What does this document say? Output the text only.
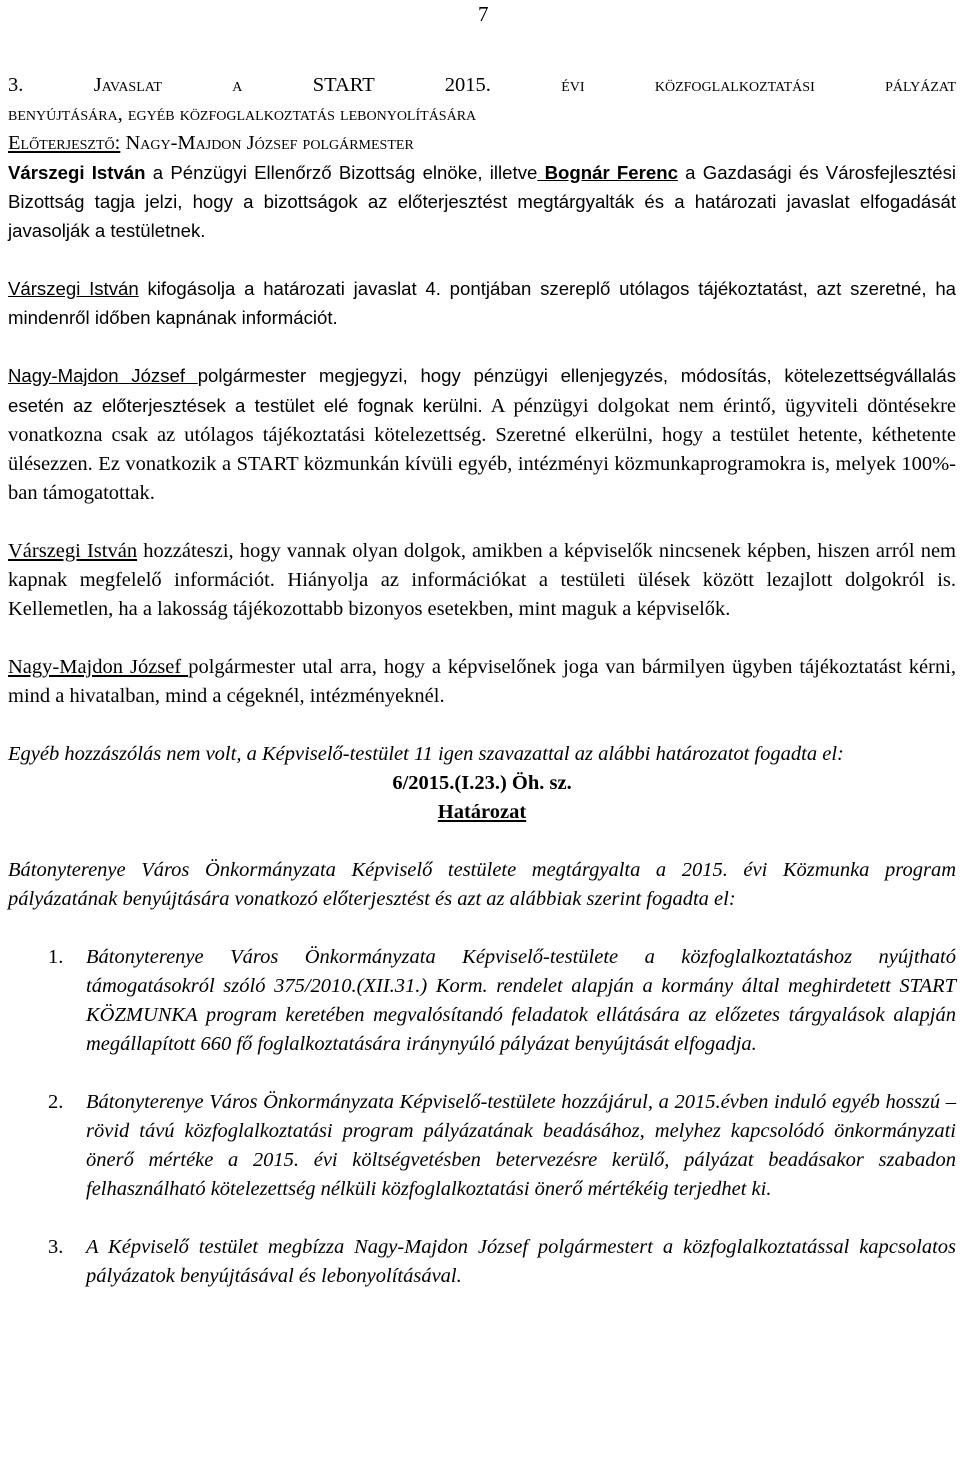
7

3. Javaslat a START 2015. évi közfoglalkoztatási pályázat

benyújtására, egyéb közfoglalkoztatás lebonyolítására

Előterjesztő: Nagy-Majdon József polgármester

Várszegi István a Pénzügyi Ellenőrző Bizottság elnöke, illetve Bognár Ferenc a Gazdasági és Városfejlesztési Bizottság tagja jelzi, hogy a bizottságok az előterjesztést megtárgyalták és a határozati javaslat elfogadását javasolják a testületnek.

Várszegi István kifogásolja a határozati javaslat 4. pontjában szereplő utólagos tájékoztatást, azt szeretné, ha mindenről időben kapnának információt.

Nagy-Majdon József polgármester megjegyzi, hogy pénzügyi ellenjegyzés, módosítás, kötelezettségvállalás esetén az előterjesztések a testület elé fognak kerülni. A pénzügyi dolgokat nem érintő, ügyviteli döntésekre vonatkozna csak az utólagos tájékoztatási kötelezettség. Szeretné elkerülni, hogy a testület hetente, kéthetente ülésezzen. Ez vonatkozik a START közmunkán kívüli egyéb, intézményi közmunkaprogramokra is, melyek 100%-ban támogatottak.

Várszegi István hozzáteszi, hogy vannak olyan dolgok, amikben a képviselők nincsenek képben, hiszen arról nem kapnak megfelelő információt. Hiányolja az információkat a testületi ülések között lezajlott dolgokról is. Kellemetlen, ha a lakosság tájékozottabb bizonyos esetekben, mint maguk a képviselők.

Nagy-Majdon József polgármester utal arra, hogy a képviselőnek joga van bármilyen ügyben tájékoztatást kérni, mind a hivatalban, mind a cégeknél, intézményeknél.

Egyéb hozzászólás nem volt, a Képviselő-testület 11 igen szavazattal az alábbi határozatot fogadta el:

6/2015.(I.23.) Öh. sz.

Határozat

Bátonyterenye Város Önkormányzata Képviselő testülete megtárgyalta a 2015. évi Közmunka program pályázatának benyújtására vonatkozó előterjesztést és azt az alábbiak szerint fogadta el:

1. Bátonyterenye Város Önkormányzata Képviselő-testülete a közfoglalkoztatáshoz nyújtható támogatásokról szóló 375/2010.(XII.31.) Korm. rendelet alapján a kormány által meghirdetett START KÖZMUNKA program keretében megvalósítandó feladatok ellátására az előzetes tárgyalások alapján megállapított 660 fő foglalkoztatására iránynyúló pályázat benyújtását elfogadja.
2. Bátonyterenye Város Önkormányzata Képviselő-testülete hozzájárul, a 2015.évben induló egyéb hosszú – rövid távú közfoglalkoztatási program pályázatának beadásához, melyhez kapcsolódó önkormányzati önerő mértéke a 2015. évi költségvetésben betervezésre kerülő, pályázat beadásakor szabadon felhasználható kötelezettség nélküli közfoglalkoztatási önerő mértékéig terjedhet ki.
3. A Képviselő testület megbízza Nagy-Majdon József polgármestert a közfoglalkoztatással kapcsolatos pályázatok benyújtásával és lebonyolításával.
